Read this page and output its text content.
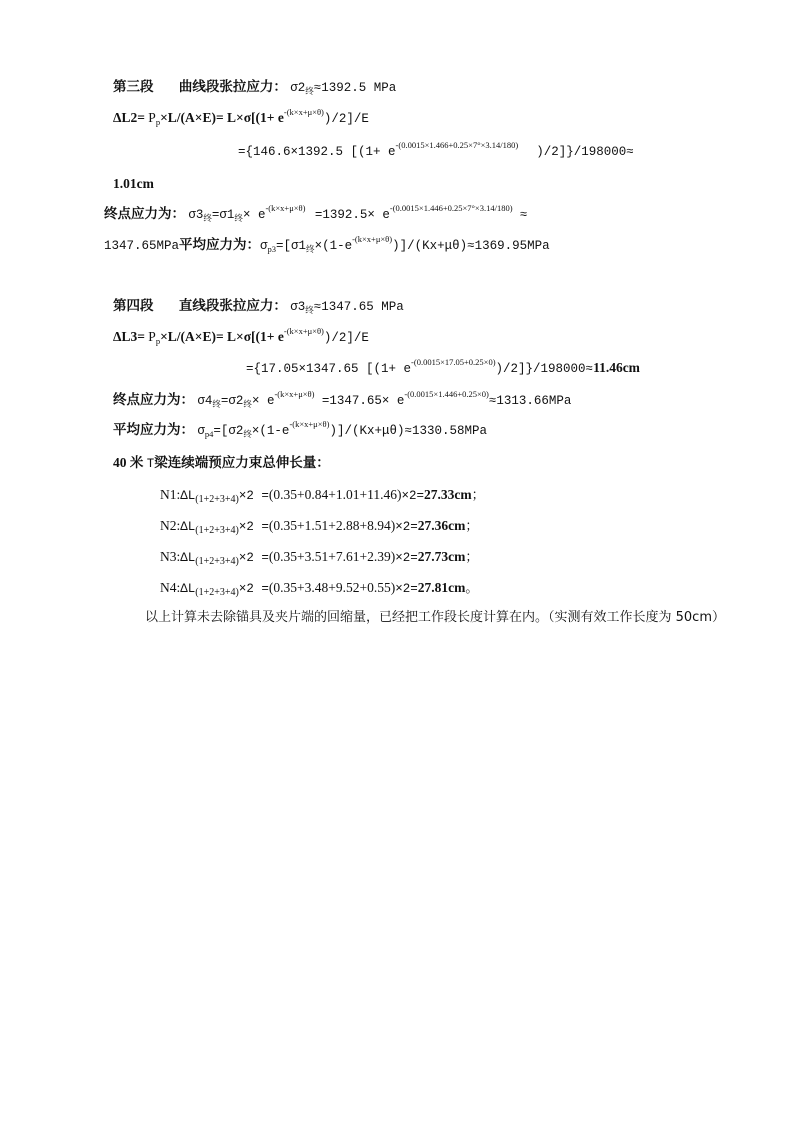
第三段 曲线段张拉应力： $\sigma 2_终\approx 1392.5$ MPa
$\Delta L2= P_p\times L/(A\times E)= L\times\sigma[(1+ e^{-(k\times x+\mu\times\theta)})/2]/E$
={146.6×1392.5 [($1+ e^{-(0.0015\times 1.466+0.25\times 7^\circ\times 3.14/180)}$ )/2]}/198000≈
1.01cm
终点应力为： $\sigma 3_终=\sigma 1_终\times e^{-(k\times x+\mu\times\theta)} =1392.5\times e^{-(0.0015\times 1.446+0.25\times 7^\circ\times 3.14/180)}$ ≈
1347.65MPa平均应力为：$\sigma_{p3}=[\sigma 1_终\times(1-e^{-(k\times x+\mu\times\theta)})]/(Kx+\mu\theta)\approx 1369.95MPa$
第四段 直线段张拉应力： $\sigma 3_终\approx 1347.65$ MPa
$\Delta L3= P_p\times L/(A\times E)= L\times\sigma[(1+ e^{-(k\times x+\mu\times\theta)})/2]/E$
={17.05×1347.65 $[(1+ e^{-(0.0015\times 17.05+0.25\times 0)})/2]\}/198000\approx 11.46cm$
终点应力为： $\sigma 4_终=\sigma 2_终\times e^{-(k\times x+\mu\times\theta)} =1347.65\times e^{-(0.0015\times 1.446+0.25\times 0)}\approx 1313.66MPa$
平均应力为： $\sigma_{p4}=[\sigma 2_终\times(1-e^{-(k\times x+\mu\times\theta)})]/(Kx+\mu\theta)\approx 1330.58MPa$
40 米 T梁连续端预应力束总伸长量：
$N1:\Delta L_{(1+2+3+4)}\times 2 =(0.35+0.84+1.01+11.46)\times 2=27.33cm$；
$N2:\Delta L_{(1+2+3+4)}\times 2 =(0.35+1.51+2.88+8.94)\times 2=27.36cm$；
$N3:\Delta L_{(1+2+3+4)}\times 2 =(0.35+3.51+7.61+2.39)\times 2=27.73cm$；
$N4:\Delta L_{(1+2+3+4)}\times 2 =(0.35+3.48+9.52+0.55)\times 2=27.81cm$。
以上计算未去除锚具及夹片端的回缩量，已经把工作段长度计算在内。（实测有效工作长度为 50cm）
